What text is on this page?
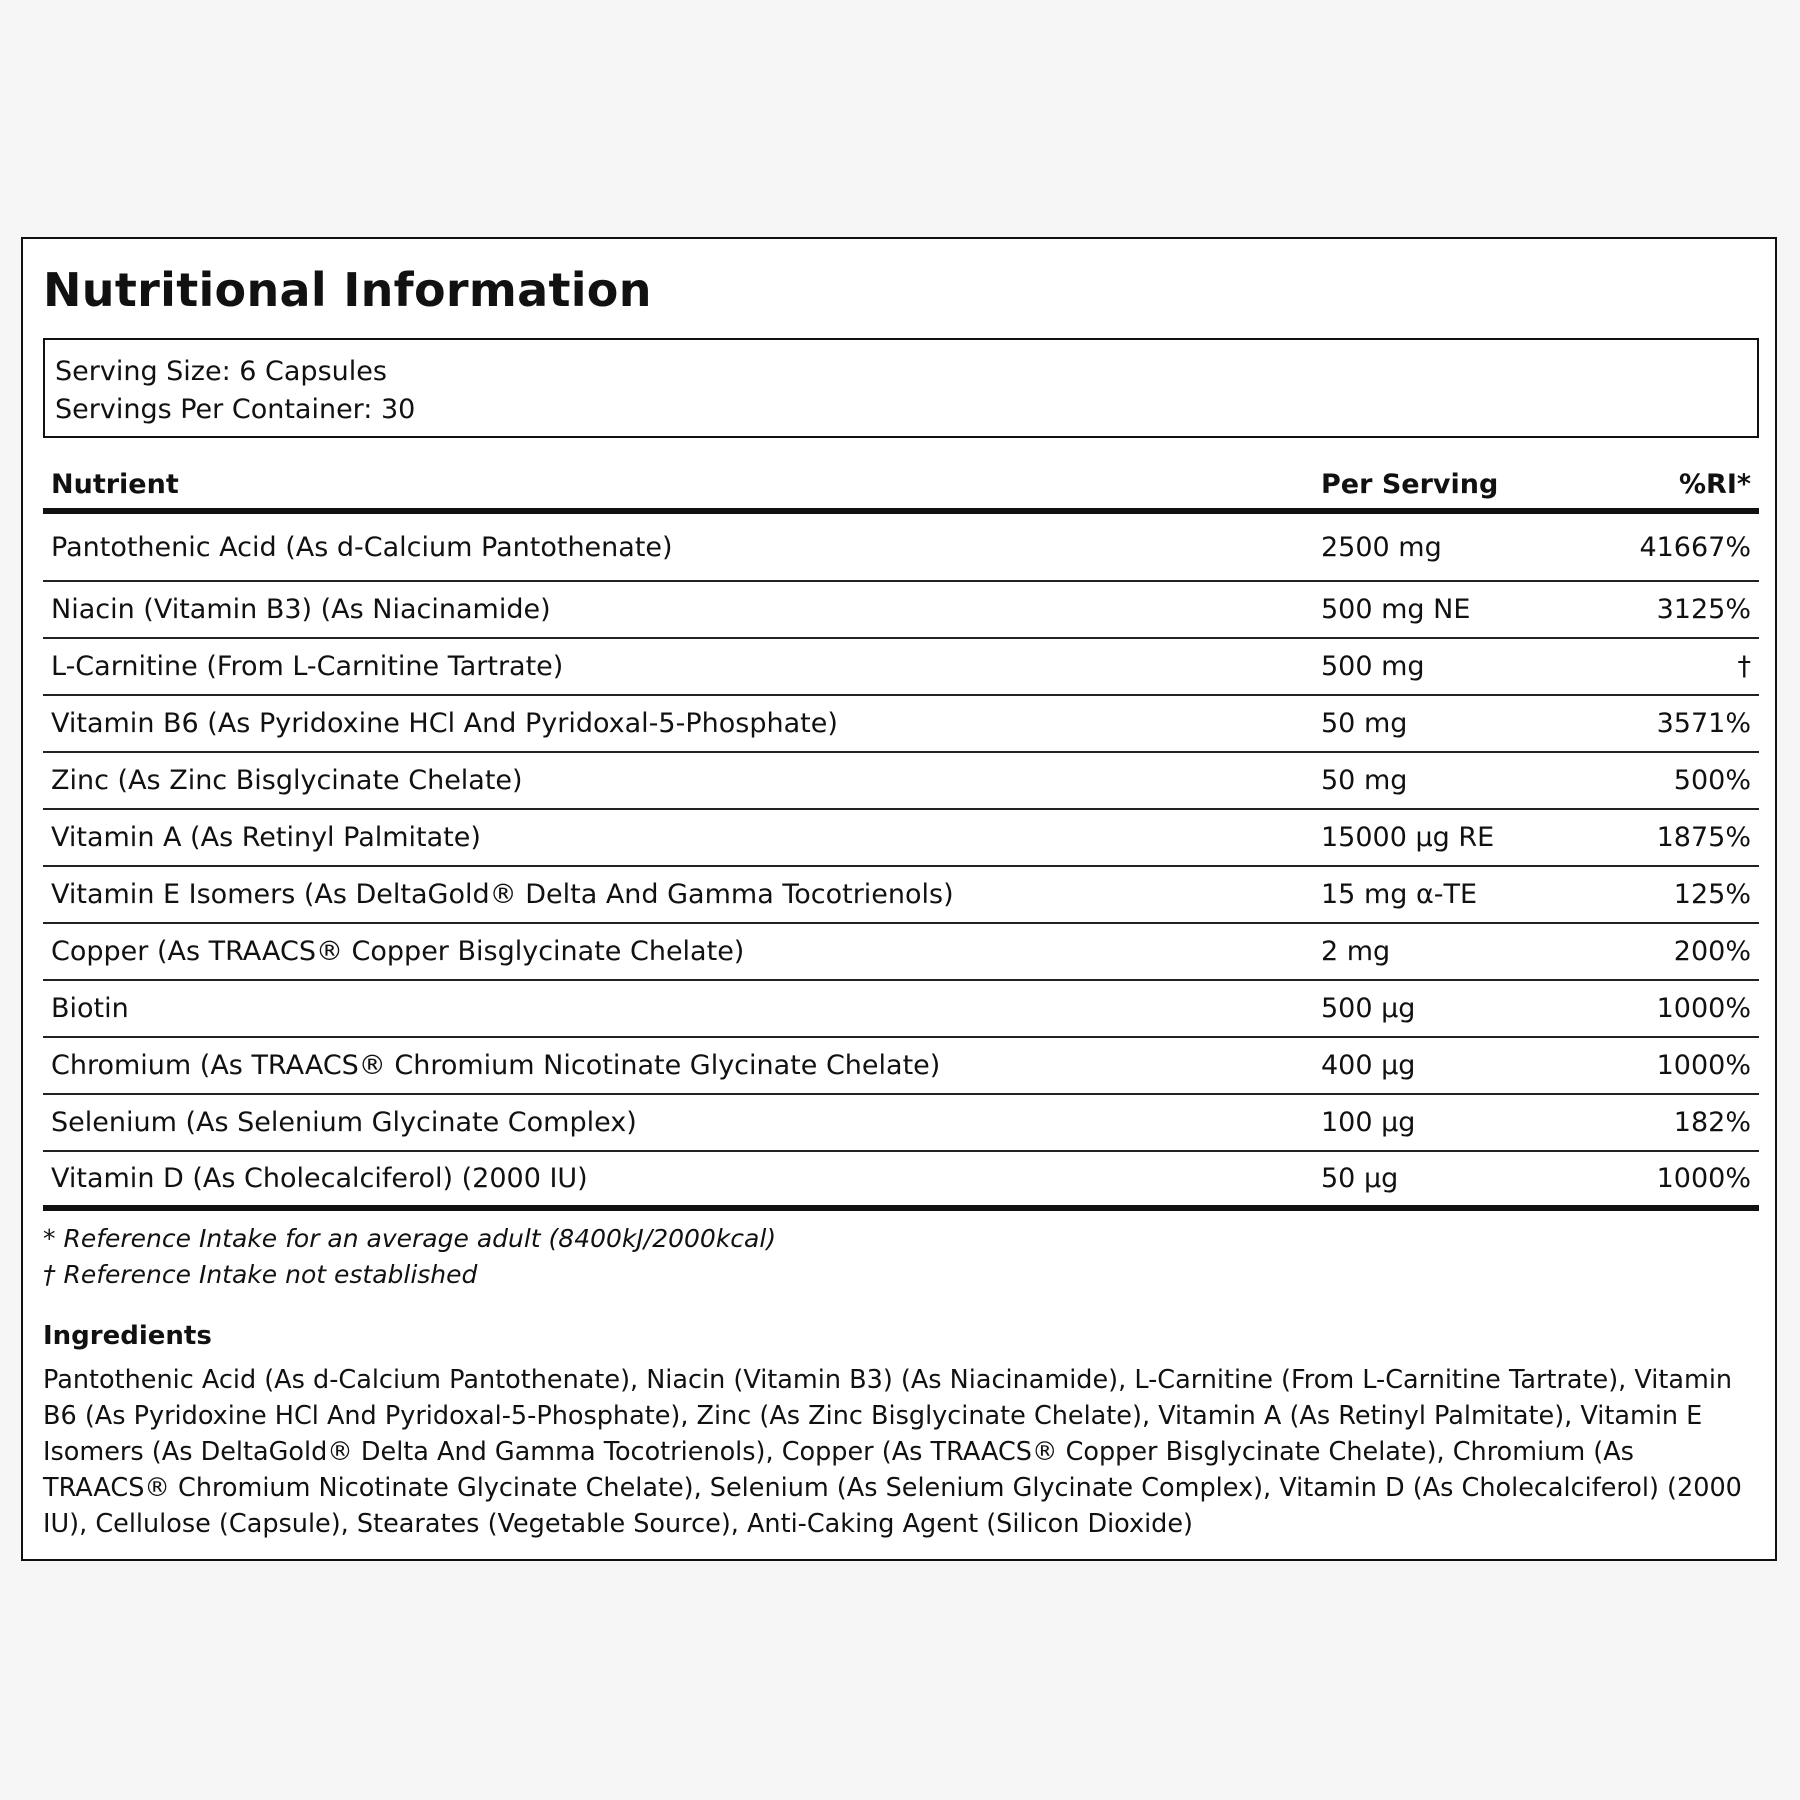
Nutritional Information
Serving Size: 6 Capsules
Servings Per Container: 30
Nutrient	Per Serving	%RI*
Pantothenic Acid (As d-Calcium Pantothenate)	2500 mg	41667%
Niacin (Vitamin B3) (As Niacinamide)	500 mg NE	3125%
L-Carnitine (From L-Carnitine Tartrate)	500 mg	†
Vitamin B6 (As Pyridoxine HCl And Pyridoxal-5-Phosphate)	50 mg	3571%
Zinc (As Zinc Bisglycinate Chelate)	50 mg	500%
Vitamin A (As Retinyl Palmitate)	15000 µg RE	1875%
Vitamin E Isomers (As DeltaGold® Delta And Gamma Tocotrienols)	15 mg α-TE	125%
Copper (As TRAACS® Copper Bisglycinate Chelate)	2 mg	200%
Biotin	500 µg	1000%
Chromium (As TRAACS® Chromium Nicotinate Glycinate Chelate)	400 µg	1000%
Selenium (As Selenium Glycinate Complex)	100 µg	182%
Vitamin D (As Cholecalciferol) (2000 IU)	50 µg	1000%
* Reference Intake for an average adult (8400kJ/2000kcal)
† Reference Intake not established
Ingredients

Pantothenic Acid (As d-Calcium Pantothenate), Niacin (Vitamin B3) (As Niacinamide), L-Carnitine (From L-Carnitine Tartrate), Vitamin B6 (As Pyridoxine HCl And Pyridoxal-5-Phosphate), Zinc (As Zinc Bisglycinate Chelate), Vitamin A (As Retinyl Palmitate), Vitamin E Isomers (As DeltaGold® Delta And Gamma Tocotrienols), Copper (As TRAACS® Copper Bisglycinate Chelate), Chromium (As TRAACS® Chromium Nicotinate Glycinate Chelate), Selenium (As Selenium Glycinate Complex), Vitamin D (As Cholecalciferol) (2000 IU), Cellulose (Capsule), Stearates (Vegetable Source), Anti-Caking Agent (Silicon Dioxide)
